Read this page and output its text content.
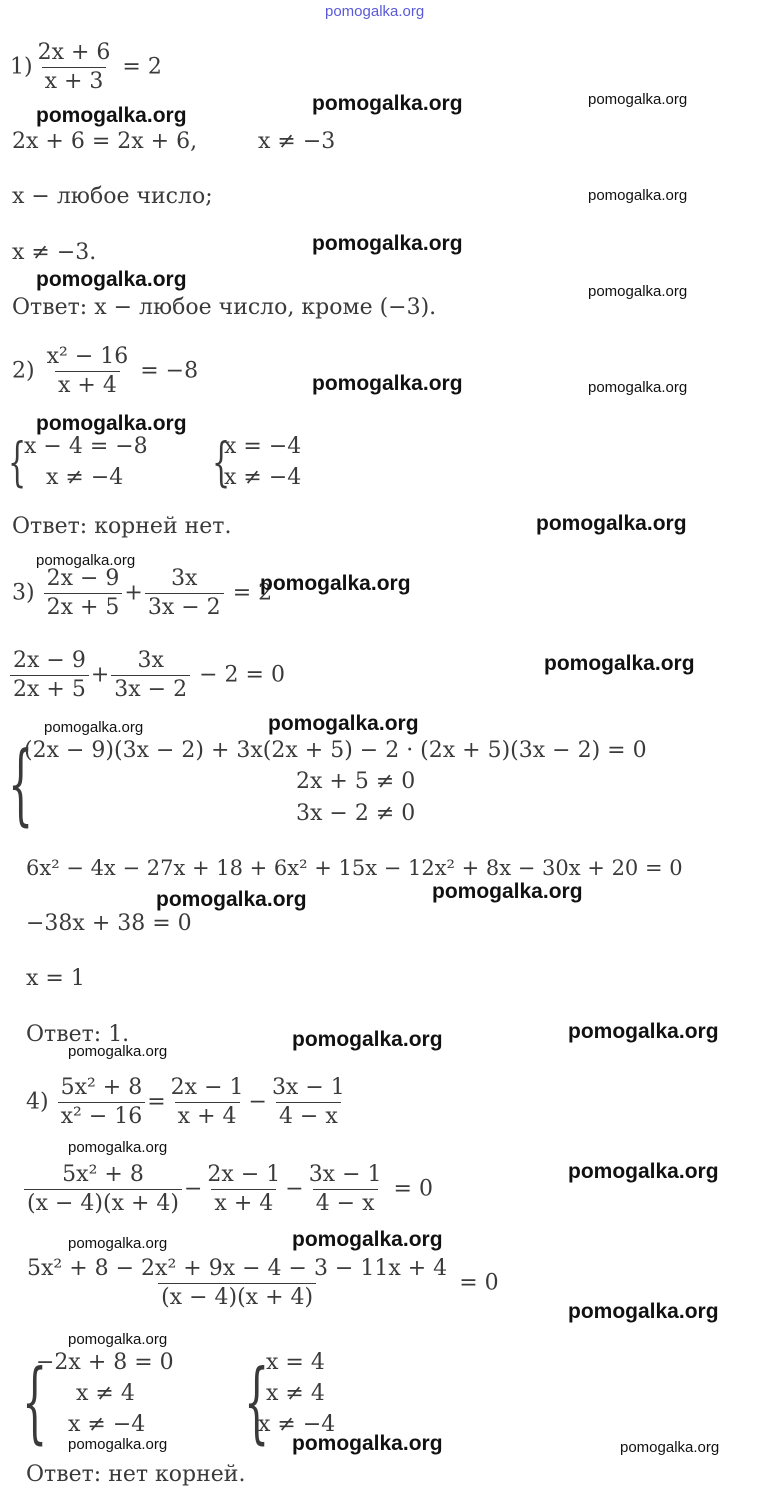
pomogalka.org
$1) \frac{2x + 6}{x + 3} = 2$
2x + 6 = 2x + 6,	x ≠ −3
x − любое число;
x ≠ −3.
Ответ: x − любое число, кроме (−3).
$2) \frac{\text{x² − 16}}{x + 4} = -8$
{
x − 4 = −8
x ≠ −4 {
x = −4
x ≠ −4
Ответ: корней нет.
$3) \frac{2x - 9}{2x + 5} + \frac{3x}{3x - 2} = 2$
$\frac{2x - 9}{2x + 5} + \frac{3x}{3x - 2} - 2 = 0$
{
(2x − 9)(3x − 2) + 3x(2x + 5) − 2 · (2x + 5)(3x − 2) = 0
2x + 5 ≠ 0
3x − 2 ≠ 0
6x² − 4x − 27x + 18 + 6x² + 15x − 12x² + 8x − 30x + 20 = 0
−38x + 38 = 0
x = 1
Ответ: 1.
$4) \frac{\text{5x² + 8}}{\text{x² − 16}} = \frac{2x - 1}{x + 4} - \frac{3x - 1}{4 - x}$
$\frac{\text{5x² + 8}}{(x - 4)(x + 4)} - \frac{2x - 1}{x + 4} - \frac{3x - 1}{4 - x} = 0$
$\frac{\text{5x² + 8 − 2x² + 9x − 4 − 3 − 11x + 4}}{(x - 4)(x + 4)} = 0$
{
−2x + 8 = 0
x ≠ 4
x ≠ −4 {
x = 4
x ≠ 4
x ≠ −4
Ответ: нет корней.
pomogalka.org
pomogalka.org	pomogalka.org
pomogalka.org
pomogalka.org
pomogalka.org
pomogalka.org
pomogalka.org	pomogalka.org
pomogalka.org
pomogalka.org
pomogalka.org
pomogalka.org
pomogalka.org
pomogalka.org	pomogalka.org
pomogalka.org
pomogalka.org
pomogalka.org
pomogalka.org
pomogalka.org
pomogalka.org
pomogalka.org
pomogalka.org	pomogalka.org
pomogalka.org
pomogalka.org
pomogalka.org	pomogalka.org	pomogalka.org
